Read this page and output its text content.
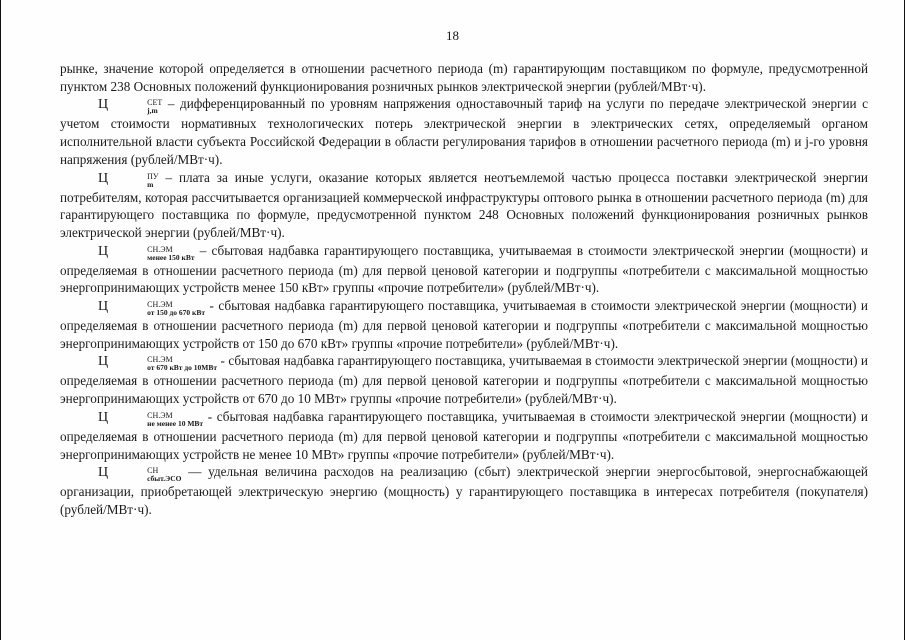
18

рынке, значение которой определяется в отношении расчетного периода (m) гарантирующим поставщиком по формуле, предусмотренной пунктом 238 Основных положений функционирования розничных рынков электрической энергии (рублей/МВт·ч).

Ц	СЕТ
j,m – дифференцированный по уровням напряжения одноставочный тариф на услуги по передаче электрической энергии с учетом стоимости нормативных технологических потерь электрической энергии в электрических сетях, определяемый органом исполнительной власти субъекта Российской Федерации в области регулирования тарифов в отношении расчетного периода (m) и j-го уровня напряжения (рублей/МВт·ч).

Ц	ПУ
m – плата за иные услуги, оказание которых является неотъемлемой частью процесса поставки электрической энергии потребителям, которая рассчитывается организацией коммерческой инфраструктуры оптового рынка в отношении расчетного периода (m) для гарантирующего поставщика по формуле, предусмотренной пунктом 248 Основных положений функционирования розничных рынков электрической энергии (рублей/МВт·ч).

Ц	СН.ЭМ
менее 150 кВт – сбытовая надбавка гарантирующего поставщика, учитываемая в стоимости электрической энергии (мощности) и определяемая в отношении расчетного периода (m) для первой ценовой категории и подгруппы «потребители с максимальной мощностью энергопринимающих устройств менее 150 кВт» группы «прочие потребители» (рублей/МВт·ч).

Ц	СН.ЭМ
от 150 до 670 кВт - сбытовая надбавка гарантирующего поставщика, учитываемая в стоимости электрической энергии (мощности) и определяемая в отношении расчетного периода (m) для первой ценовой категории и подгруппы «потребители с максимальной мощностью энергопринимающих устройств от 150 до 670 кВт» группы «прочие потребители» (рублей/МВт·ч).

Ц	СН.ЭМ
от 670 кВт до 10МВт - сбытовая надбавка гарантирующего поставщика, учитываемая в стоимости электрической энергии (мощности) и определяемая в отношении расчетного периода (m) для первой ценовой категории и подгруппы «потребители с максимальной мощностью энергопринимающих устройств от 670 до 10 МВт» группы «прочие потребители» (рублей/МВт·ч).

Ц	СН.ЭМ
не менее 10 МВт - сбытовая надбавка гарантирующего поставщика, учитываемая в стоимости электрической энергии (мощности) и определяемая в отношении расчетного периода (m) для первой ценовой категории и подгруппы «потребители с максимальной мощностью энергопринимающих устройств не менее 10 МВт» группы «прочие потребители» (рублей/МВт·ч).

Ц	СН
сбыт.ЭСО — удельная величина расходов на реализацию (сбыт) электрической энергии энергосбытовой, энергоснабжающей организации, приобретающей электрическую энергию (мощность) у гарантирующего поставщика в интересах потребителя (покупателя) (рублей/МВт·ч).
